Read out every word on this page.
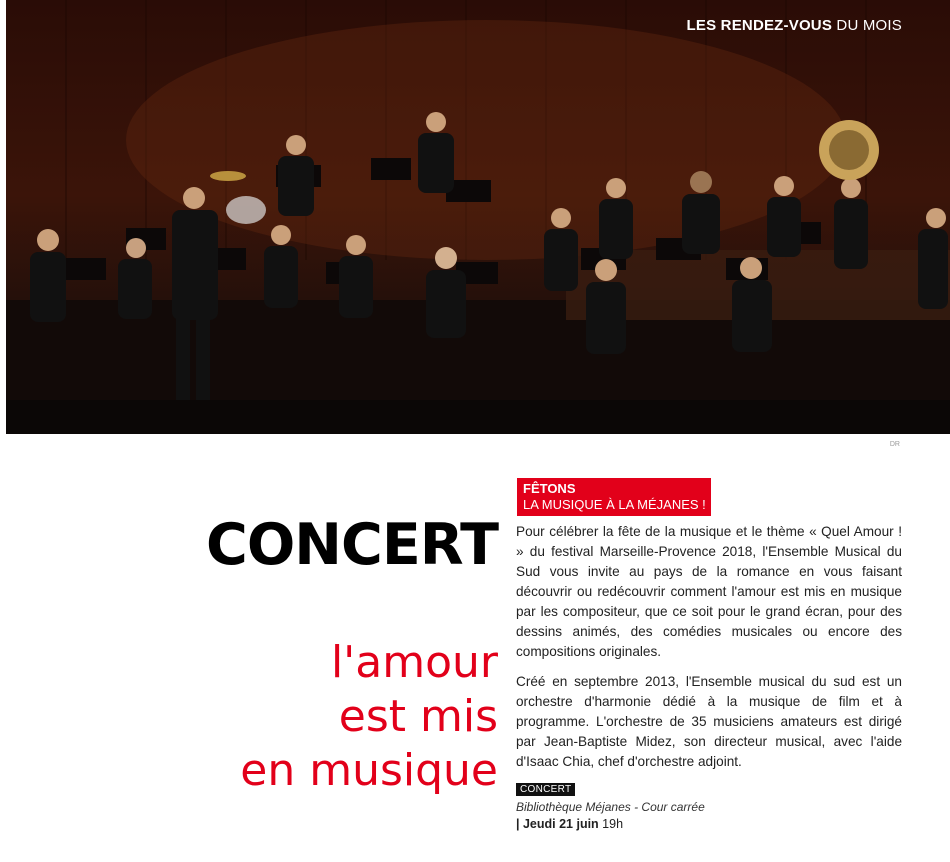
LES RENDEZ-VOUS DU MOIS
DR
CONCERT
l'amour
est mis
en musique
FÊTONS
LA MUSIQUE À LA MÉJANES !

Pour célébrer la fête de la musique et le thème « Quel Amour ! » du festival Marseille-Provence 2018, l'Ensemble Musical du Sud vous invite au pays de la romance en vous faisant découvrir ou redécouvrir comment l'amour est mis en musique par les compositeur, que ce soit pour le grand écran, pour des dessins animés, des comédies musicales ou encore des compositions originales.

Créé en septembre 2013, l'Ensemble musical du sud est un orchestre d'harmonie dédié à la musique de film et à programme. L'orchestre de 35 musiciens amateurs est dirigé par Jean-Baptiste Midez, son directeur musical, avec l'aide d'Isaac Chia, chef d'orchestre adjoint.

CONCERT
Bibliothèque Méjanes - Cour carrée
| Jeudi 21 juin 19h
